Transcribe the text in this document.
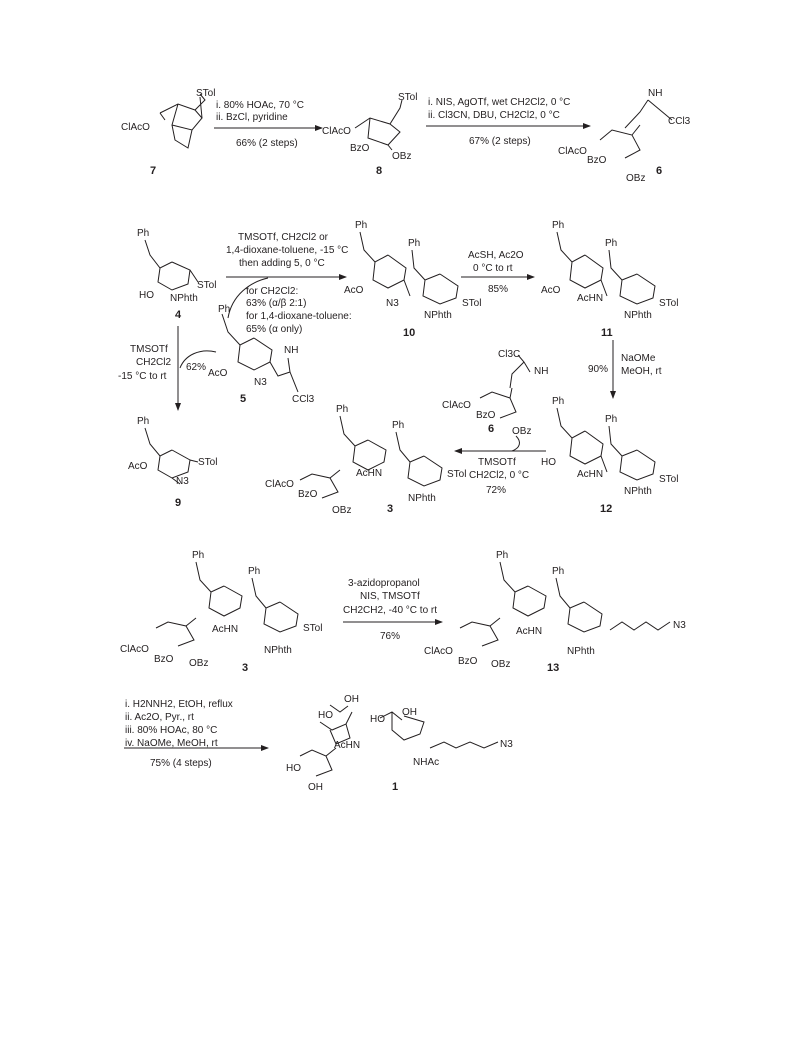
STol
ClAcO
7
i. 80% HOAc, 70 °C
ii. BzCl, pyridine
66% (2 steps)
STol
ClAcO
BzO
OBz
8
i. NIS, AgOTf, wet CH2Cl2, 0 °C
ii. Cl3CN, DBU, CH2Cl2, 0 °C
67% (2 steps)
NH
CCl3
ClAcO
BzO
OBz
6
Ph
HO NPhth
STol
4
TMSOTf, CH2Cl2 or
1,4-dioxane-toluene, -15 °C
then adding 5, 0 °C
for CH2Cl2:
63% (α/β 2:1)
for 1,4-dioxane-toluene:
65% (α only)
Ph
Ph
AcO
N3
NPhth
STol
10
AcSH, Ac2O
0 °C to rt
85%
Ph
Ph
AcO
AcHN
NPhth
STol
11
Ph
AcO
N3
NH
CCl3
5
TMSOTf
CH2Cl2
-15 °C to rt
62%
Ph
AcO
N3
STol
9
NaOMe
MeOH, rt
90%
Cl3C
NH
ClAcO
BzO
OBz
6
TMSOTf
CH2Cl2, 0 °C
72%
Ph
Ph
HO
AcHN
NPhth
STol
12
Ph
Ph
AcHN
ClAcO
BzO
OBz
NPhth
STol
3
Ph
Ph
AcHN
ClAcO
BzO OBz
NPhth
STol
3
3-azidopropanol
NIS, TMSOTf
CH2CH2, -40 °C to rt
76%
Ph
Ph
AcHN
ClAcO
BzO OBz
NPhth
N3
13
i. H2NNH2, EtOH, reflux
ii. Ac2O, Pyr., rt
iii. 80% HOAc, 80 °C
iv. NaOMe, MeOH, rt
75% (4 steps)
OH
HO	OH
HO
AcHN
HO
OH
NHAc
N3
1
